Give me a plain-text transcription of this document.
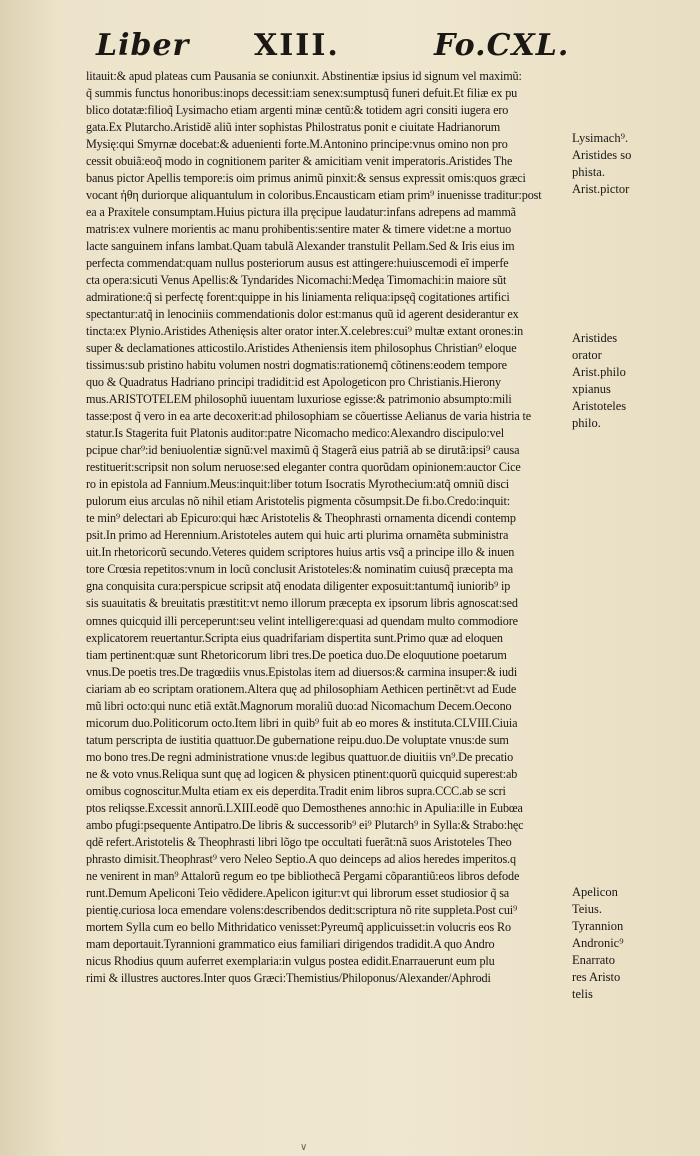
Liber XIII.	Fo.CXL.
litauit:& apud plateas cum Pausania se coniunxit. Abstinentiæ ipsius id signum vel maximũ:
q̃ summis functus honoribus:inops decessit:iam senex:sumptusq̃ funeri defuit.Et filiæ ex pu
blico dotatæ:filioq̃ Lysimacho etiam argenti minæ centũ:& totidem agri consiti iugera ero
gata.Ex Plutarcho.Aristidẽ aliũ inter sophistas Philostratus ponit e ciuitate Hadrianorum
Mysię:qui Smyrnæ docebat:& aduenienti forte.M.Antonino principe:vnus omino non pro
cessit obuiã:eoq̃ modo in cognitionem pariter & amicitiam venit imperatoris.Aristides The
banus pictor Apellis tempore:is oim primus animũ pinxit:& sensus expressit omis:quos græci
vocant ἠθη duriorque aliquantulum in coloribus.Encausticam etiam prim⁹ inuenisse traditur:post
ea a Praxitele consumptam.Huius pictura illa pręcipue laudatur:infans adrepens ad mammã
matris:ex vulnere morientis ac manu prohibentis:sentire mater & timere videt:ne a mortuo
lacte sanguinem infans lambat.Quam tabulã Alexander transtulit Pellam.Sed & Iris eius im
perfecta commendat:quam nullus posteriorum ausus est attingere:huiuscemodi eĩ imperfe
cta opera:sicuti Venus Apellis:& Tyndarides Nicomachi:Medęa Timomachi:in maiore sũt
admiratione:q̃ si perfectę forent:quippe in his liniamenta reliqua:ipsęq̃ cogitationes artifici
spectantur:atq̃ in lenociniis commendationis dolor est:manus quũ id agerent desiderantur ex
tincta:ex Plynio.Aristides Athenięsis alter orator inter.X.celebres:cui⁹ multæ extant orones:in
super & declamationes atticostilo.Aristides Atheniensis item philosophus Christian⁹ eloque
tissimus:sub pristino habitu volumen nostri dogmatis:rationemq̃ cõtinens:eodem tempore
quo & Quadratus Hadriano principi tradidit:id est Apologeticon pro Christianis.Hierony
mus.ARISTOTELEM philosophũ iuuentam luxuriose egisse:& patrimonio absumpto:mili
tasse:post q̃ vero in ea arte decoxerit:ad philosophiam se cõuertisse Aelianus de varia histria te
statur.Is Stagerita fuit Platonis auditor:patre Nicomacho medico:Alexandro discipulo:vel
pcipue char⁹:id beniuolentiæ signũ:vel maximũ q̃ Stagerã eius patriã ab se dirutã:ipsi⁹ causa
restituerit:scripsit non solum neruose:sed eleganter contra quorũdam opinionem:auctor Cice
ro in epistola ad Fannium.Meus:inquit:liber totum Isocratis Myrothecium:atq̃ omniũ disci
pulorum eius arculas nõ nihil etiam Aristotelis pigmenta cõsumpsit.De fi.bo.Credo:inquit:
te min⁹ delectari ab Epicuro:qui hæc Aristotelis & Theophrasti ornamenta dicendi contemp
psit.In primo ad Herennium.Aristoteles autem qui huic arti plurima ornamẽta subministra
uit.In rhetoricorũ secundo.Veteres quidem scriptores huius artis vsq̃ a principe illo & inuen
tore Crœsia repetitos:vnum in locũ conclusit Aristoteles:& nominatim cuiusq̃ præcepta ma
gna conquisita cura:perspicue scripsit atq̃ enodata diligenter exposuit:tantumq̃ iuniorib⁹ ip
sis suauitatis & breuitatis præstitit:vt nemo illorum præcepta ex ipsorum libris agnoscat:sed
omnes quicquid illi perceperunt:seu velint intelligere:quasi ad quendam multo commodiore
explicatorem reuertantur.Scripta eius quadrifariam dispertita sunt.Primo quæ ad eloquen
tiam pertinent:quæ sunt Rhetoricorum libri tres.De poetica duo.De eloquutione poetarum
vnus.De poetis tres.De tragœdiis vnus.Epistolas item ad diuersos:& carmina insuper:& iudi
ciariam ab eo scriptam orationem.Altera quę ad philosophiam Aethicen pertinẽt:vt ad Eude
mũ libri octo:qui nunc etiã extãt.Magnorum moraliũ duo:ad Nicomachum Decem.Oecono
micorum duo.Politicorum octo.Item libri in quib⁹ fuit ab eo mores & instituta.CLVIII.Ciuia
tatum perscripta de iustitia quattuor.De gubernatione reipu.duo.De voluptate vnus:de sum
mo bono tres.De regni administratione vnus:de legibus quattuor.de diuitiis vn⁹.De precatio
ne & voto vnus.Reliqua sunt quę ad logicen & physicen ptinent:quorũ quicquid superest:ab
omibus cognoscitur.Multa etiam ex eis deperdita.Tradit enim libros supra.CCC.ab se scri
ptos reliqsse.Excessit annorũ.LXIII.eodẽ quo Demosthenes anno:hic in Apulia:ille in Eubœa
ambo pfugi:psequente Antipatro.De libris & successorib⁹ ei⁹ Plutarch⁹ in Sylla:& Strabo:hęc
qdẽ refert.Aristotelis & Theophrasti libri lõgo tpe occultati fuerãt:nã suos Aristoteles Theo
phrasto dimisit.Theophrast⁹ vero Neleo Septio.A quo deinceps ad alios heredes imperitos.q
ne venirent in man⁹ Attalorũ regum eo tpe bibliothecã Pergami cõparantiũ:eos libros defode
runt.Demum Apeliconi Teio vẽdidere.Apelicon igitur:vt qui librorum esset studiosior q̃ sa
pientię.curiosa loca emendare volens:describendos dedit:scriptura nõ rite suppleta.Post cui⁹
mortem Sylla cum eo bello Mithridatico venisset:Pyreumq̃ applicuisset:in volucris eos Ro
mam deportauit.Tyrannioni grammatico eius familiari dirigendos tradidit.A quo Andro
nicus Rhodius quum auferret exemplaria:in vulgus postea edidit.Enarrauerunt eum plu
rimi & illustres auctores.Inter quos Græci:Themistius/Philoponus/Alexander/Aphrodi
Lysimach⁹.
Aristides so
phista.
Arist.pictor
Aristides
orator
Arist.philo
xpianus
Aristoteles
philo.
Apelicon
Teius.
Tyrannion
Andronic⁹
Enarrato
res Aristo
telis
∨
